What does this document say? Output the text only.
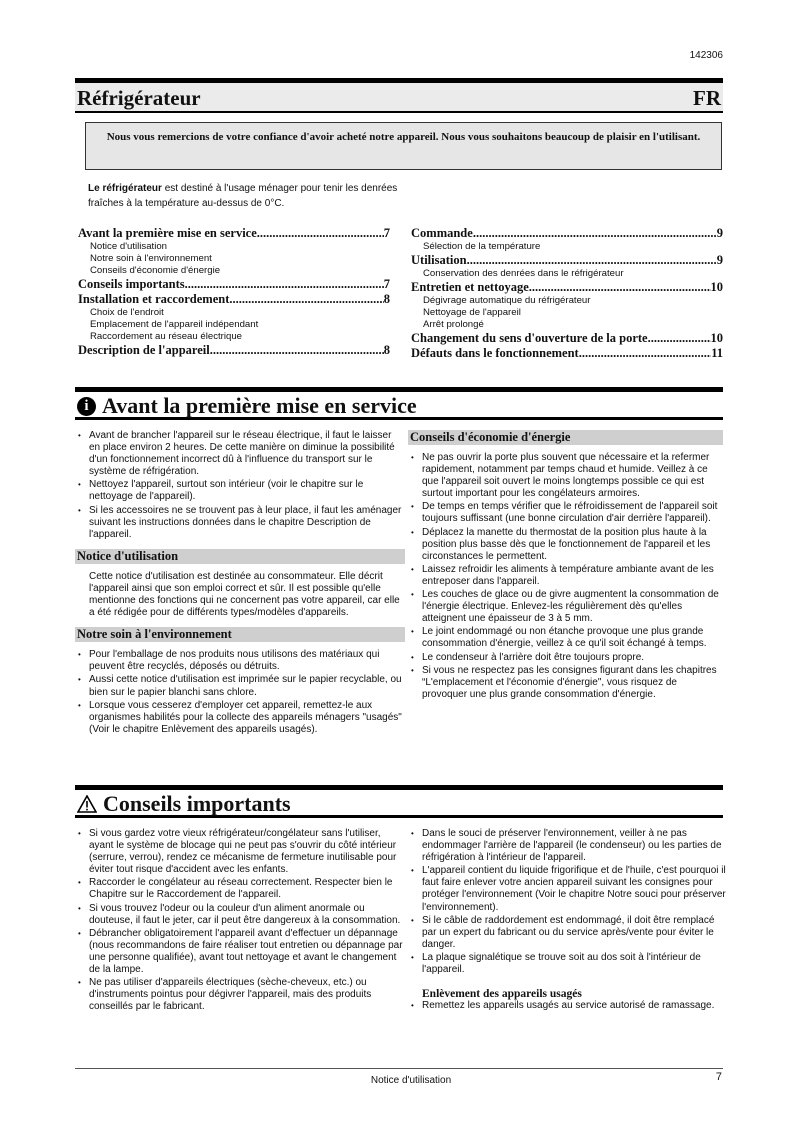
142306
Réfrigérateur	FR
Nous vous remercions de votre confiance d'avoir acheté notre appareil. Nous vous souhaitons beaucoup de plaisir en l'utilisant.
Le réfrigérateur est destiné à l'usage ménager pour tenir les denrées fraîches à la température au-dessus de 0°C.
Avant la première mise en service .....	7
Notice d'utilisation
Notre soin à l'environnement
Conseils d'économie d'énergie
Conseils importants .....	7
Installation et raccordement .....	8
Choix de l'endroit
Emplacement de l'appareil indépendant
Raccordement au réseau électrique
Description de l'appareil .....	8
Commande .....	9
Sélection de la température
Utilisation .....	9
Conservation des denrées dans le réfrigérateur
Entretien et nettoyage .....	10
Dégivrage automatique du réfrigérateur
Nettoyage de l'appareil
Arrêt prolongé
Changement du sens d'ouverture de la porte .....	10
Défauts dans le fonctionnement .....	11
i Avant la première mise en service
• Avant de brancher l'appareil sur le réseau électrique, il faut le laisser en place environ 2 heures. De cette manière on diminue la possibilité d'un fonctionnement incorrect dû à l'influence du transport sur le système de réfrigération.
• Nettoyez l'appareil, surtout son intérieur (voir le chapitre sur le nettoyage de l'appareil).
• Si les accessoires ne se trouvent pas à leur place, il faut les aménager suivant les instructions données dans le chapitre Description de l'appareil.
Notice d'utilisation
Cette notice d'utilisation est destinée au consommateur. Elle décrit l'appareil ainsi que son emploi correct et sûr. Il est possible qu'elle mentionne des fonctions qui ne concernent pas votre appareil, car elle a été rédigée pour de différents types/modèles d'appareils.
Notre soin à l'environnement
• Pour l'emballage de nos produits nous utilisons des matériaux qui peuvent être recyclés, déposés ou détruits.
• Aussi cette notice d'utilisation est imprimée sur le papier recyclable, ou bien sur le papier blanchi sans chlore.
• Lorsque vous cesserez d'employer cet appareil, remettez-le aux organismes habilités pour la collecte des appareils ménagers "usagés" (Voir le chapitre Enlèvement des appareils usagés).
Conseils d'économie d'énergie
• Ne pas ouvrir la porte plus souvent que nécessaire et la refermer rapidement, notamment par temps chaud et humide. Veillez à ce que l'appareil soit ouvert le moins longtemps possible ce qui est surtout important pour les congélateurs armoires.
• De temps en temps vérifier que le réfroidissement de l'appareil soit toujours suffissant (une bonne circulation d'air derrière l'appareil).
• Déplacez la manette du thermostat de la position plus haute à la position plus basse dès que le fonctionnement de l'appareil et les circonstances le permettent.
• Laissez refroidir les aliments à température ambiante avant de les entreposer dans l'appareil.
• Les couches de glace ou de givre augmentent la consommation de l'énergie électrique. Enlevez-les régulièrement dès qu'elles atteignent une épaisseur de 3 à 5 mm.
• Le joint endommagé ou non étanche provoque une plus grande consommation d'énergie, veillez à ce qu'il soit échangé à temps.
• Le condenseur à l'arrière doit être toujours propre.
• Si vous ne respectez pas les consignes figurant dans les chapitres “L'emplacement et l'économie d'énergie", vous risquez de provoquer une plus grande consommation d'énergie.
Conseils importants
• Si vous gardez votre vieux réfrigérateur/congélateur sans l'utiliser, ayant le système de blocage qui ne peut pas s'ouvrir du côté intérieur (serrure, verrou), rendez ce mécanisme de fermeture inutilisable pour éviter tout risque d'accident avec les enfants.
• Raccorder le congélateur au réseau correctement. Respecter bien le Chapitre sur le Raccordement de l'appareil.
• Si vous trouvez l'odeur ou la couleur d'un aliment anormale ou douteuse, il faut le jeter, car il peut être dangereux à la consommation.
• Débrancher obligatoirement l'appareil avant d'effectuer un dépannage (nous recommandons de faire réaliser tout entretien ou dépannage par une personne qualifiée), avant tout nettoyage et avant le changement de la lampe.
• Ne pas utiliser d'appareils électriques (sèche-cheveux, etc.) ou d'instruments pointus pour dégivrer l'appareil, mais des produits conseillés par le fabricant.
• Dans le souci de préserver l'environnement, veiller à ne pas endommager l'arrière de l'appareil (le condenseur) ou les parties de réfrigération à l'intérieur de l'appareil.
• L'appareil contient du liquide frigorifique et de l'huile, c'est pourquoi il faut faire enlever votre ancien appareil suivant les consignes pour protéger l'environnement (Voir le chapitre Notre souci pour préserver l'environnement).
• Si le câble de raddordement est endommagé, il doit être remplacé par un expert du fabricant ou du service après/vente pour éviter le danger.
• La plaque signalétique se trouve soit au dos soit à l'intérieur de l'appareil.
Enlèvement des appareils usagés
• Remettez les appareils usagés au service autorisé de ramassage.
Notice d'utilisation	7
